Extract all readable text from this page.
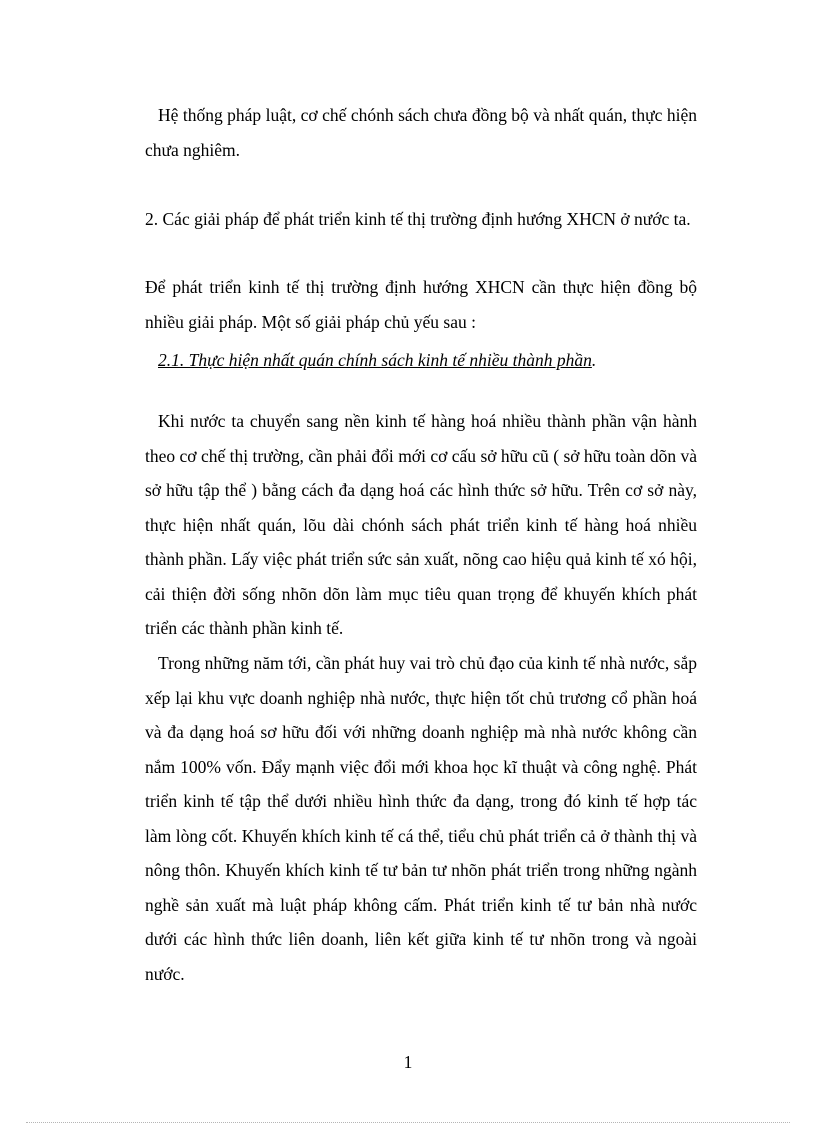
Hệ thống pháp luật, cơ chế chónh sách chưa đồng bộ và nhất quán, thực hiện chưa nghiêm.

2. Các giải pháp để phát triển kinh tế thị trường định hướng XHCN ở nước ta.

Để phát triển kinh tế thị trường định hướng XHCN cần thực hiện đồng bộ nhiều giải pháp. Một số giải pháp chủ yếu sau :

2.1. Thực hiện nhất quán chính sách kinh tế nhiều thành phần.

Khi nước ta chuyển sang nền kinh tế hàng hoá nhiều thành phần vận hành theo cơ chế thị trường, cần phải đổi mới cơ cấu sở hữu cũ ( sở hữu toàn dõn và sở hữu tập thể ) bằng cách đa dạng hoá các hình thức sở hữu. Trên cơ sở này, thực hiện nhất quán, lõu dài chónh sách phát triển kinh tế hàng hoá nhiều thành phần. Lấy việc phát triển sức sản xuất, nõng cao hiệu quả kinh tế xó hội, cải thiện đời sống nhõn dõn làm mục tiêu quan trọng để khuyến khích phát triển các thành phần kinh tế.

Trong những năm tới, cần phát huy vai trò chủ đạo của kinh tế nhà nước, sắp xếp lại khu vực doanh nghiệp nhà nước, thực hiện tốt chủ trương cổ phần hoá và đa dạng hoá sơ hữu đối với những doanh nghiệp mà nhà nước không cần nắm 100% vốn. Đẩy mạnh việc đổi mới khoa học kĩ thuật và công nghệ. Phát triển kinh tế tập thể dưới nhiều hình thức đa dạng, trong đó kinh tế hợp tác làm lòng cốt. Khuyến khích kinh tế cá thể, tiểu chủ phát triển cả ở thành thị và nông thôn. Khuyến khích kinh tế tư bản tư nhõn phát triển trong những ngành nghề sản xuất mà luật pháp không cấm. Phát triển kinh tế tư bản nhà nước dưới các hình thức liên doanh, liên kết giữa kinh tế tư nhõn trong và ngoài nước.

1
